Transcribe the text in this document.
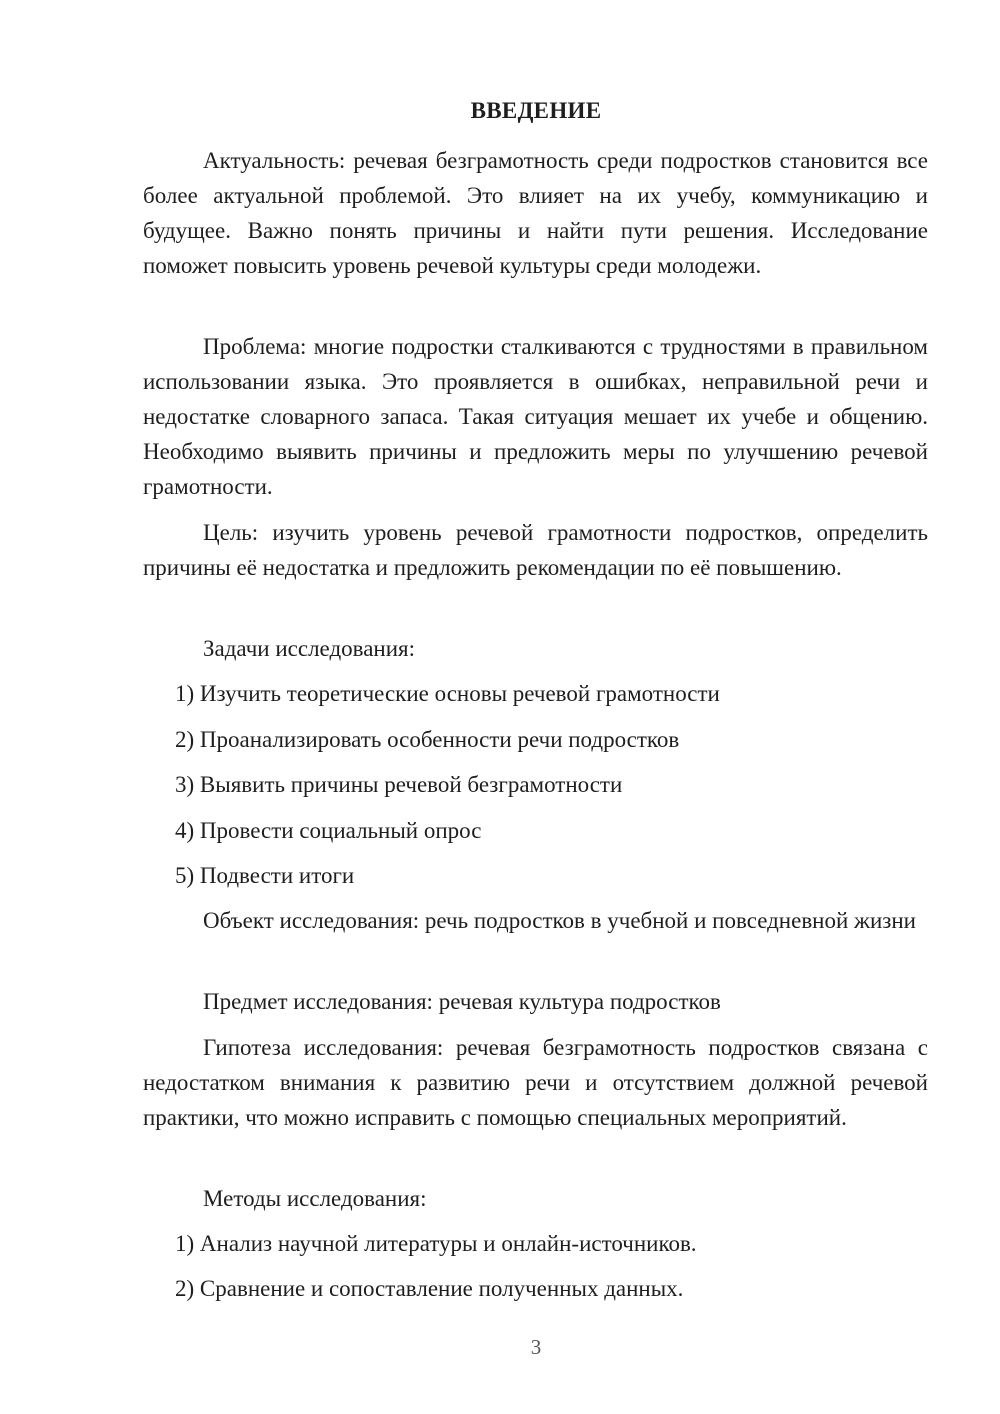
ВВЕДЕНИЕ

Актуальность: речевая безграмотность среди подростков становится все более актуальной проблемой. Это влияет на их учебу, коммуникацию и будущее. Важно понять причины и найти пути решения. Исследование поможет повысить уровень речевой культуры среди молодежи.

Проблема: многие подростки сталкиваются с трудностями в правильном использовании языка. Это проявляется в ошибках, неправильной речи и недостатке словарного запаса. Такая ситуация мешает их учебе и общению. Необходимо выявить причины и предложить меры по улучшению речевой грамотности.

Цель: изучить уровень речевой грамотности подростков, определить причины её недостатка и предложить рекомендации по её повышению.

Задачи исследования:

1) Изучить теоретические основы речевой грамотности

2) Проанализировать особенности речи подростков

3) Выявить причины речевой безграмотности

4) Провести социальный опрос

5) Подвести итоги

Объект исследования: речь подростков в учебной и повседневной жизни

Предмет исследования: речевая культура подростков

Гипотеза исследования: речевая безграмотность подростков связана с недостатком внимания к развитию речи и отсутствием должной речевой практики, что можно исправить с помощью специальных мероприятий.

Методы исследования:

1) Анализ научной литературы и онлайн-источников.

2) Сравнение и сопоставление полученных данных.

3
